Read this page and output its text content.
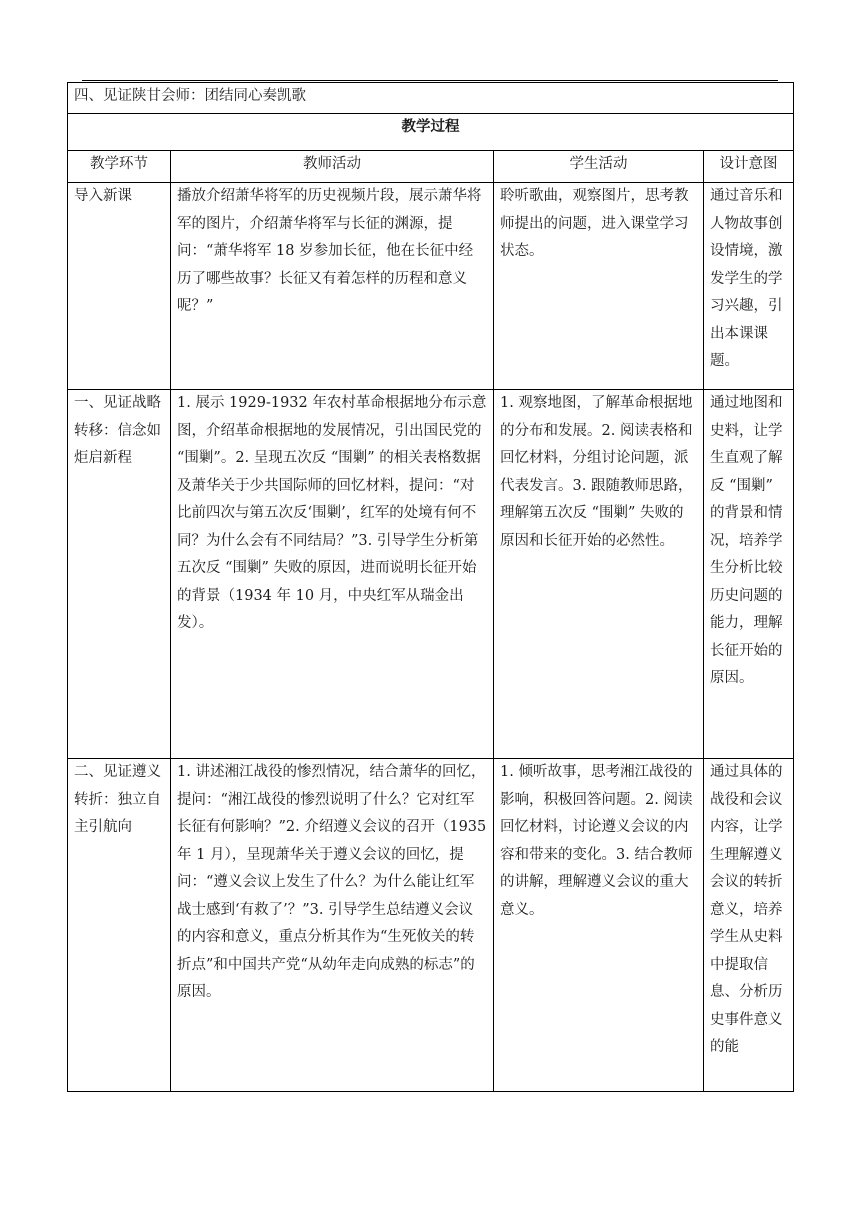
四、见证陕甘会师：团结同心奏凯歌			
教学过程			
教学环节	教师活动	学生活动	设计意图
导入新课	播放介绍萧华将军的历史视频片段，展示萧华将军的图片，介绍萧华将军与长征的渊源，提问：“萧华将军 18 岁参加长征，他在长征中经历了哪些故事？长征又有着怎样的历程和意义呢？”	聆听歌曲，观察图片，思考教师提出的问题，进入课堂学习状态。	通过音乐和人物故事创设情境，激发学生的学习兴趣，引出本课课题。
一、见证战略转移：信念如炬启新程	1. 展示 1929-1932 年农村革命根据地分布示意图，介绍革命根据地的发展情况，引出国民党的 “围剿”。2. 呈现五次反 “围剿” 的相关表格数据及萧华关于少共国际师的回忆材料，提问：“对比前四次与第五次反‘围剿’，红军的处境有何不同？为什么会有不同结局？”3. 引导学生分析第五次反 “围剿” 失败的原因，进而说明长征开始的背景（1934 年 10 月，中央红军从瑞金出发）。	1. 观察地图，了解革命根据地的分布和发展。2. 阅读表格和回忆材料，分组讨论问题，派代表发言。3. 跟随教师思路，理解第五次反 “围剿” 失败的原因和长征开始的必然性。	通过地图和史料，让学生直观了解反 “围剿” 的背景和情况，培养学生分析比较历史问题的能力，理解长征开始的原因。
二、见证遵义转折：独立自主引航向	1. 讲述湘江战役的惨烈情况，结合萧华的回忆，提问：“湘江战役的惨烈说明了什么？它对红军长征有何影响？”2. 介绍遵义会议的召开（1935 年 1 月），呈现萧华关于遵义会议的回忆，提问：“遵义会议上发生了什么？为什么能让红军战士感到‘有救了’？”3. 引导学生总结遵义会议的内容和意义，重点分析其作为“生死攸关的转折点”和中国共产党“从幼年走向成熟的标志”的原因。	1. 倾听故事，思考湘江战役的影响，积极回答问题。2. 阅读回忆材料，讨论遵义会议的内容和带来的变化。3. 结合教师的讲解，理解遵义会议的重大意义。	通过具体的战役和会议内容，让学生理解遵义会议的转折意义，培养学生从史料中提取信息、分析历史事件意义的能
